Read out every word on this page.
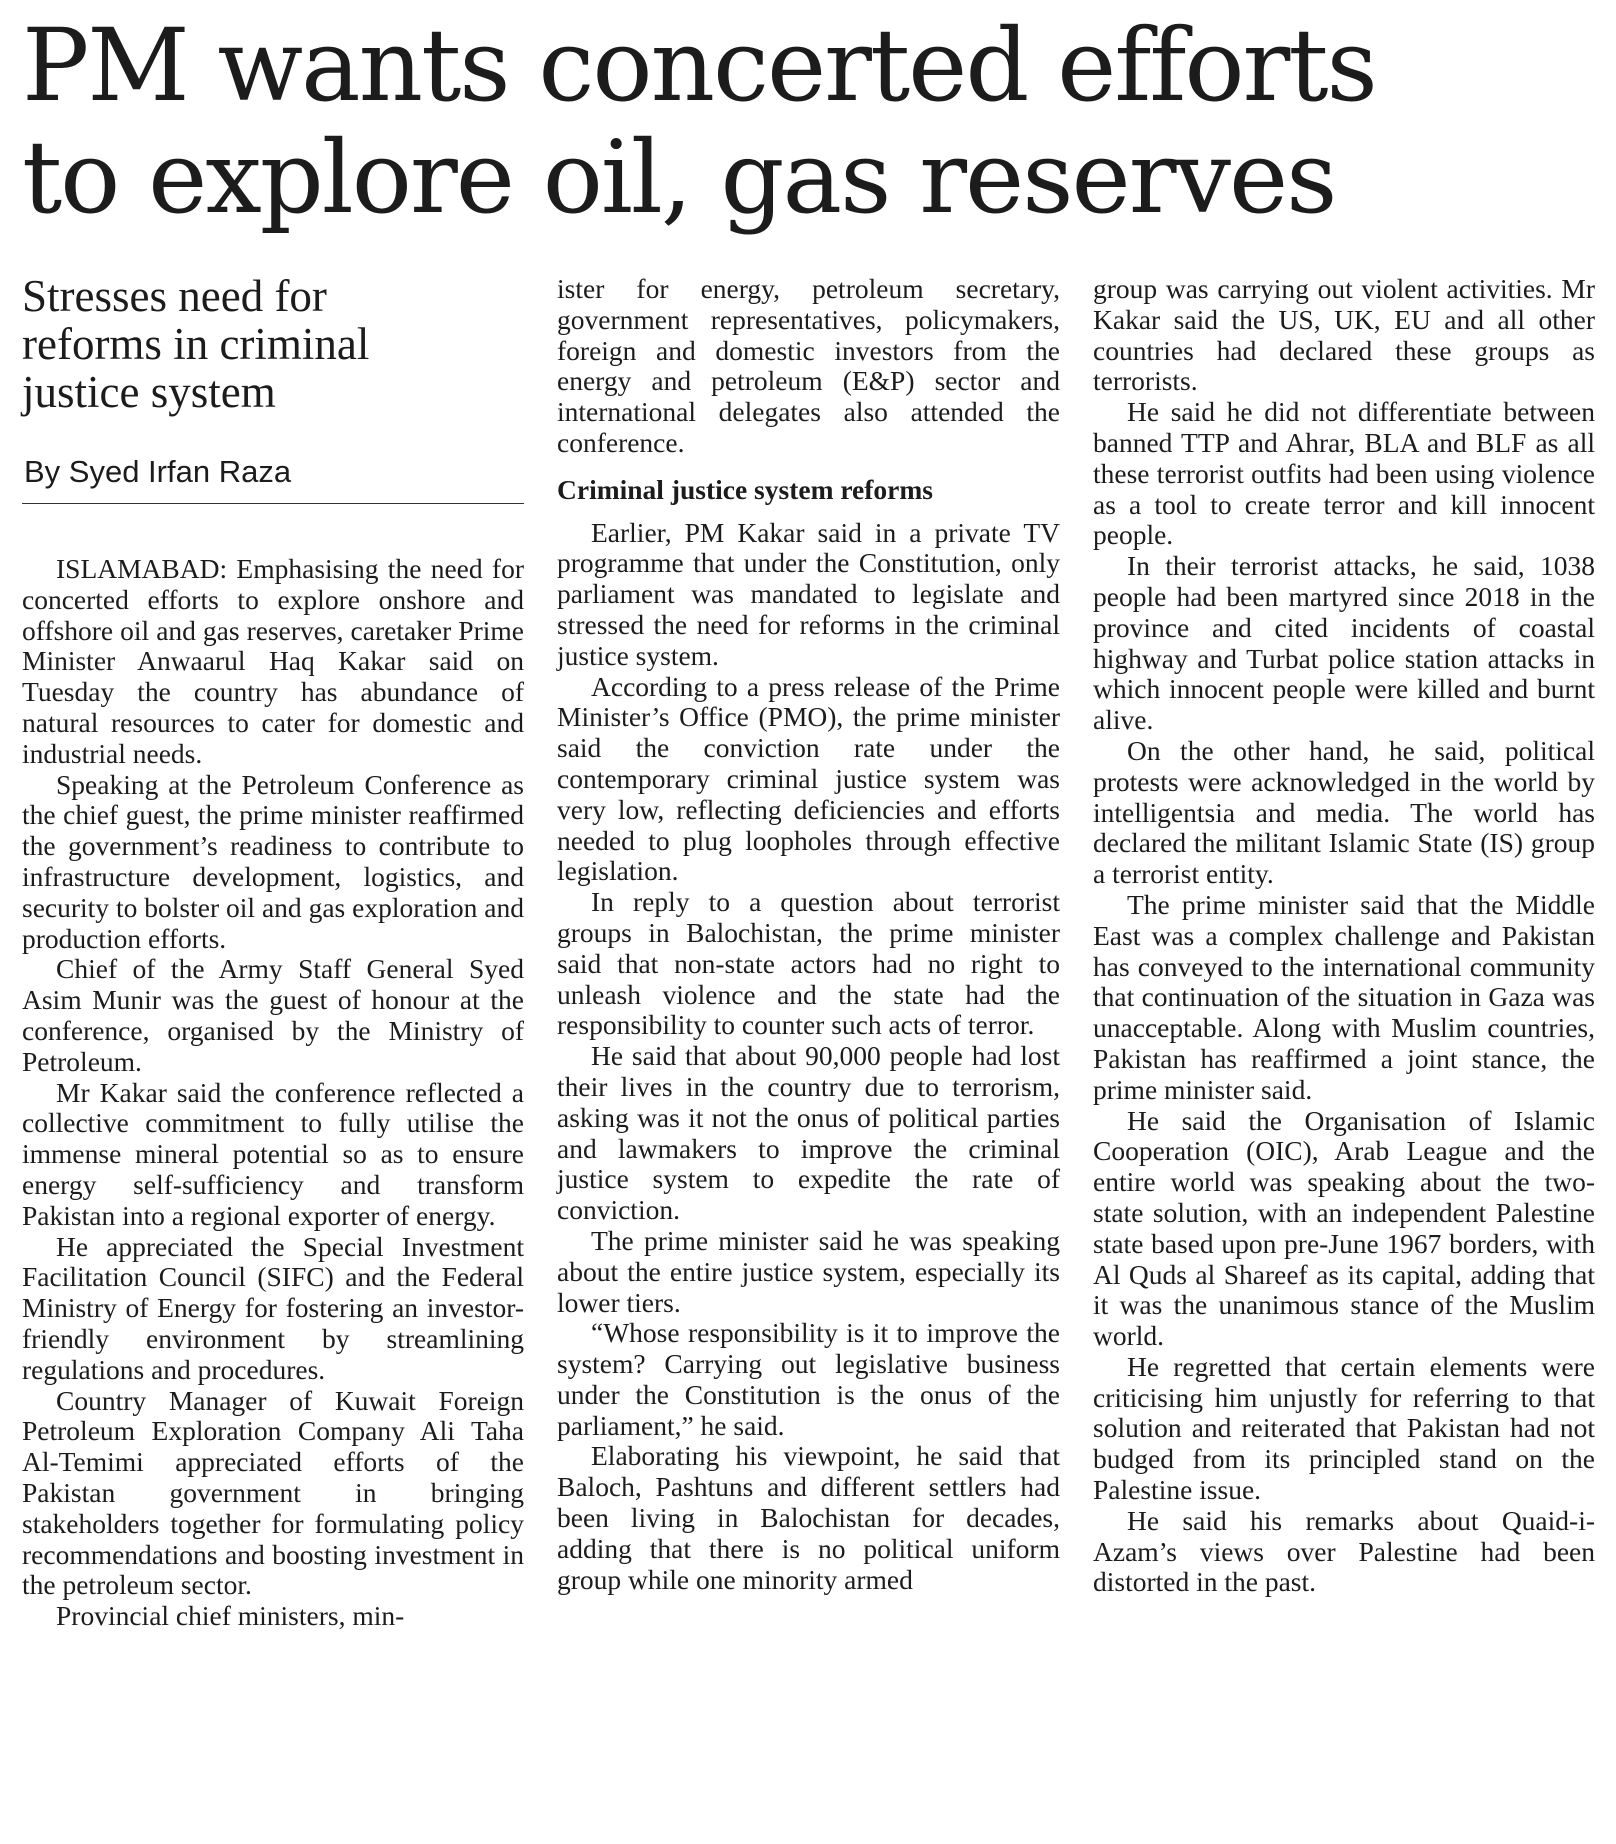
PM wants concerted efforts
to explore oil, gas reserves
Stresses need for
reforms in criminal
justice system
By Syed Irfan Raza

ISLAMABAD: Emphasising the need for concerted efforts to explore onshore and offshore oil and gas reserves, caretaker Prime Minister Anwaarul Haq Kakar said on Tuesday the country has abundance of natural resources to cater for domestic and industrial needs.

Speaking at the Petroleum Conference as the chief guest, the prime minister reaffirmed the government’s readiness to contribute to infrastructure development, logistics, and security to bolster oil and gas exploration and production efforts.

Chief of the Army Staff General Syed Asim Munir was the guest of honour at the conference, organised by the Ministry of Petroleum.

Mr Kakar said the conference reflected a collective commitment to fully utilise the immense mineral potential so as to ensure energy self-sufficiency and transform Pakistan into a regional exporter of energy.

He appreciated the Special Investment Facilitation Council (SIFC) and the Federal Ministry of Energy for fostering an investor-friendly environment by streamlining regulations and procedures.

Country Manager of Kuwait Foreign Petroleum Exploration Company Ali Taha Al-Temimi appreciated efforts of the Pakistan government in bringing stakeholders together for formulating policy recommendations and boosting investment in the petroleum sector.

Provincial chief ministers, min-

ister for energy, petroleum secretary, government representatives, policymakers, foreign and domestic investors from the energy and petroleum (E&P) sector and international delegates also attended the conference.

Criminal justice system reforms

Earlier, PM Kakar said in a private TV programme that under the Constitution, only parliament was mandated to legislate and stressed the need for reforms in the criminal justice system.

According to a press release of the Prime Minister’s Office (PMO), the prime minister said the conviction rate under the contemporary criminal justice system was very low, reflecting deficiencies and efforts needed to plug loopholes through effective legislation.

In reply to a question about terrorist groups in Balochistan, the prime minister said that non-state actors had no right to unleash violence and the state had the responsibility to counter such acts of terror.

He said that about 90,000 people had lost their lives in the country due to terrorism, asking was it not the onus of political parties and lawmakers to improve the criminal justice system to expedite the rate of conviction.

The prime minister said he was speaking about the entire justice system, especially its lower tiers.

“Whose responsibility is it to improve the system? Carrying out legislative business under the Constitution is the onus of the parliament,” he said.

Elaborating his viewpoint, he said that Baloch, Pashtuns and different settlers had been living in Balochistan for decades, adding that there is no political uniform group while one minority armed

group was carrying out violent activities. Mr Kakar said the US, UK, EU and all other countries had declared these groups as terrorists.

He said he did not differentiate between banned TTP and Ahrar, BLA and BLF as all these terrorist outfits had been using violence as a tool to create terror and kill innocent people.

In their terrorist attacks, he said, 1038 people had been martyred since 2018 in the province and cited incidents of coastal highway and Turbat police station attacks in which innocent people were killed and burnt alive.

On the other hand, he said, political protests were acknowledged in the world by intelligentsia and media. The world has declared the militant Islamic State (IS) group a terrorist entity.

The prime minister said that the Middle East was a complex challenge and Pakistan has conveyed to the international community that continuation of the situation in Gaza was unacceptable. Along with Muslim countries, Pakistan has reaffirmed a joint stance, the prime minister said.

He said the Organisation of Islamic Cooperation (OIC), Arab League and the entire world was speaking about the two-state solution, with an independent Palestine state based upon pre-June 1967 borders, with Al Quds al Shareef as its capital, adding that it was the unanimous stance of the Muslim world.

He regretted that certain elements were criticising him unjustly for referring to that solution and reiterated that Pakistan had not budged from its principled stand on the Palestine issue.

He said his remarks about Quaid-i-Azam’s views over Palestine had been distorted in the past.
